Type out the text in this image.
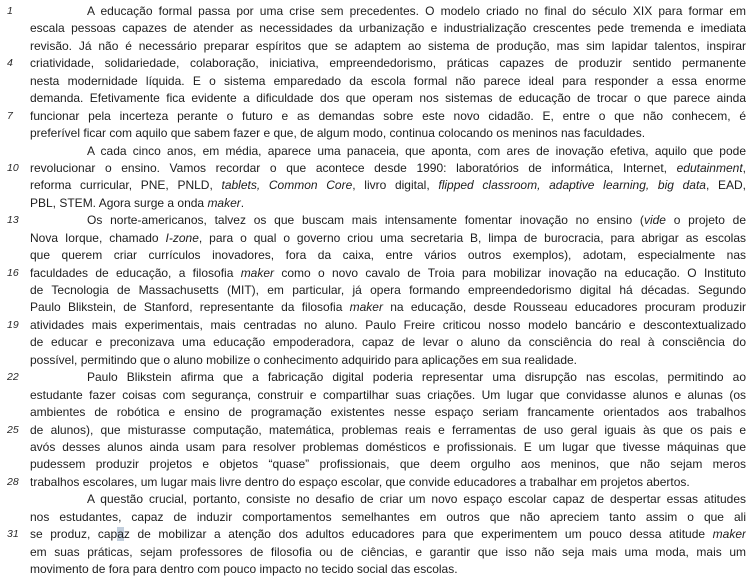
1	A educação formal passa por uma crise sem precedentes. O modelo criado no final do século XIX para formar em
escala pessoas capazes de atender as necessidades da urbanização e industrialização crescentes pede tremenda e imediata
revisão. Já não é necessário preparar espíritos que se adaptem ao sistema de produção, mas sim lapidar talentos, inspirar
4	criatividade, solidariedade, colaboração, iniciativa, empreendedorismo, práticas capazes de produzir sentido permanente
nesta modernidade líquida. E o sistema emparedado da escola formal não parece ideal para responder a essa enorme
demanda. Efetivamente fica evidente a dificuldade dos que operam nos sistemas de educação de trocar o que parece ainda
7	funcionar pela incerteza perante o futuro e as demandas sobre este novo cidadão. E, entre o que não conhecem, é
preferível ficar com aquilo que sabem fazer e que, de algum modo, continua colocando os meninos nas faculdades.
A cada cinco anos, em média, aparece uma panaceia, que aponta, com ares de inovação efetiva, aquilo que pode
10 revolucionar o ensino. Vamos recordar o que acontece desde 1990: laboratórios de informática, Internet, edutainment,
reforma curricular, PNE, PNLD, tablets, Common Core, livro digital, flipped classroom, adaptive learning, big data, EAD,
PBL, STEM. Agora surge a onda maker.
13	Os norte-americanos, talvez os que buscam mais intensamente fomentar inovação no ensino (vide o projeto de
Nova Iorque, chamado I-zone, para o qual o governo criou uma secretaria B, limpa de burocracia, para abrigar as escolas
que querem criar currículos inovadores, fora da caixa, entre vários outros exemplos), adotam, especialmente nas
16 faculdades de educação, a filosofia maker como o novo cavalo de Troia para mobilizar inovação na educação. O Instituto
de Tecnologia de Massachusetts (MIT), em particular, já opera formando empreendedorismo digital há décadas. Segundo
Paulo Blikstein, de Stanford, representante da filosofia maker na educação, desde Rousseau educadores procuram produzir
19 atividades mais experimentais, mais centradas no aluno. Paulo Freire criticou nosso modelo bancário e descontextualizado
de educar e preconizava uma educação empoderadora, capaz de levar o aluno da consciência do real à consciência do
possível, permitindo que o aluno mobilize o conhecimento adquirido para aplicações em sua realidade.
22	Paulo Blikstein afirma que a fabricação digital poderia representar uma disrupção nas escolas, permitindo ao
estudante fazer coisas com segurança, construir e compartilhar suas criações. Um lugar que convidasse alunos e alunas (os
ambientes de robótica e ensino de programação existentes nesse espaço seriam francamente orientados aos trabalhos
25 de alunos), que misturasse computação, matemática, problemas reais e ferramentas de uso geral iguais às que os pais e
avós desses alunos ainda usam para resolver problemas domésticos e profissionais. E um lugar que tivesse máquinas que
pudessem produzir projetos e objetos “quase” profissionais, que deem orgulho aos meninos, que não sejam meros
28 trabalhos escolares, um lugar mais livre dentro do espaço escolar, que convide educadores a trabalhar em projetos abertos.
A questão crucial, portanto, consiste no desafio de criar um novo espaço escolar capaz de despertar essas atitudes
nos estudantes, capaz de induzir comportamentos semelhantes em outros que não apreciem tanto assim o que ali
31 se produz, capaz de mobilizar a atenção dos adultos educadores para que experimentem um pouco dessa atitude maker
em suas práticas, sejam professores de filosofia ou de ciências, e garantir que isso não seja mais uma moda, mais um
movimento de fora para dentro com pouco impacto no tecido social das escolas.
